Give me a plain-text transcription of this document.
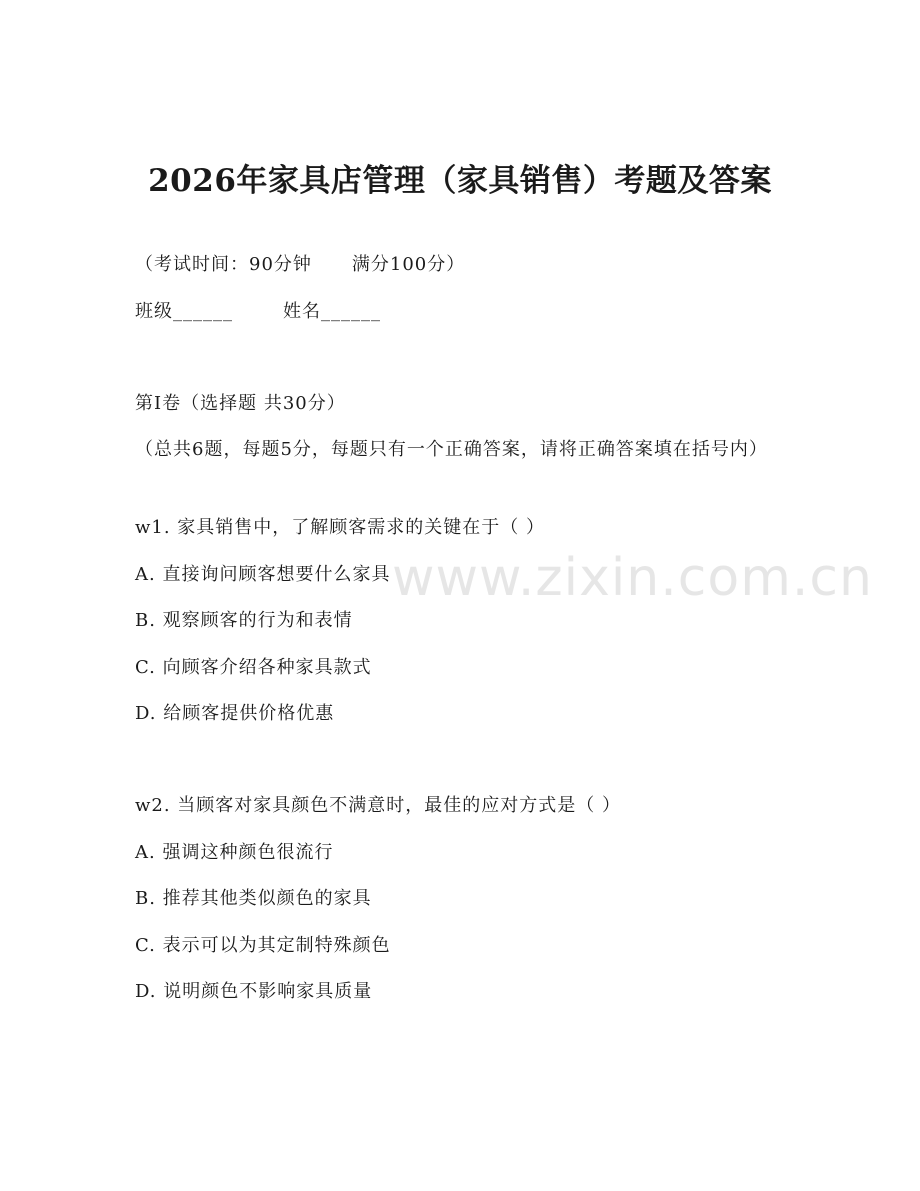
2026年家具店管理（家具销售）考题及答案

（考试时间：90分钟 满分100分）

班级______	姓名______

第I卷（选择题 共30分）

（总共6题，每题5分，每题只有一个正确答案，请将正确答案填在括号内）

w1. 家具销售中，了解顾客需求的关键在于（ ）

A. 直接询问顾客想要什么家具

B. 观察顾客的行为和表情

C. 向顾客介绍各种家具款式

D. 给顾客提供价格优惠

w2. 当顾客对家具颜色不满意时，最佳的应对方式是（ ）

A. 强调这种颜色很流行

B. 推荐其他类似颜色的家具

C. 表示可以为其定制特殊颜色

D. 说明颜色不影响家具质量

www.zixin.com.cn
